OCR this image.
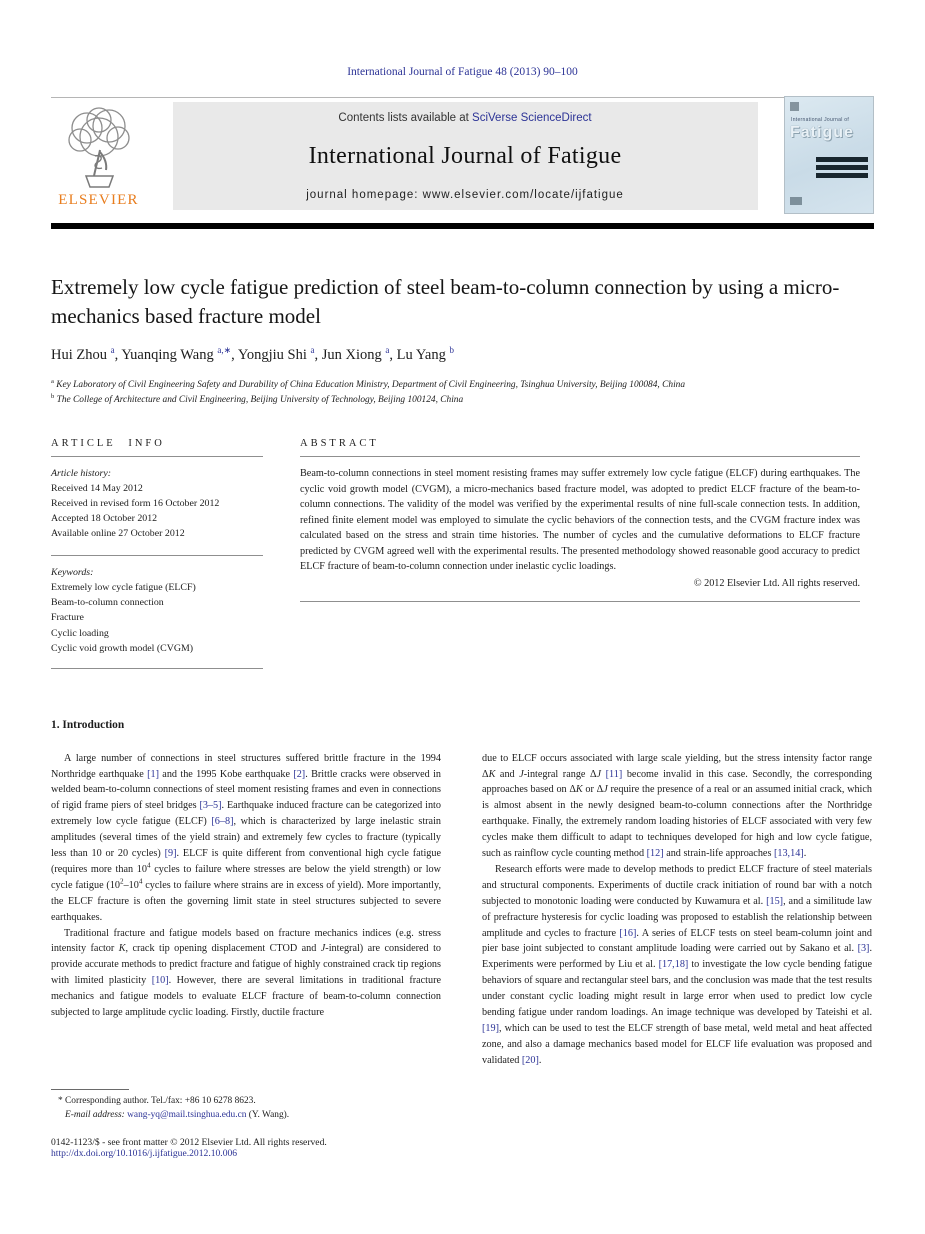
International Journal of Fatigue 48 (2013) 90–100
ELSEVIER
Contents lists available at SciVerse ScienceDirect
International Journal of Fatigue
journal homepage: www.elsevier.com/locate/ijfatigue
International Journal of
Fatigue
Extremely low cycle fatigue prediction of steel beam-to-column connection by using a micro-mechanics based fracture model
Hui Zhou $^a$, Yuanqing Wang $^{a,∗}$, Yongjiu Shi $^a$, Jun Xiong $^a$, Lu Yang $^b$
$^a$ Key Laboratory of Civil Engineering Safety and Durability of China Education Ministry, Department of Civil Engineering, Tsinghua University, Beijing 100084, China
$^b$ The College of Architecture and Civil Engineering, Beijing University of Technology, Beijing 100124, China
ARTICLE INFO
Article history:
Received 14 May 2012
Received in revised form 16 October 2012
Accepted 18 October 2012
Available online 27 October 2012
Keywords:
Extremely low cycle fatigue (ELCF)
Beam-to-column connection
Fracture
Cyclic loading
Cyclic void growth model (CVGM)
ABSTRACT
Beam-to-column connections in steel moment resisting frames may suffer extremely low cycle fatigue (ELCF) during earthquakes. The cyclic void growth model (CVGM), a micro-mechanics based fracture model, was adopted to predict ELCF fracture of the beam-to-column connections. The validity of the model was verified by the experimental results of nine full-scale connection tests. In addition, refined finite element model was employed to simulate the cyclic behaviors of the connection tests, and the CVGM fracture index was calculated based on the stress and strain time histories. The number of cycles and the cumulative deformations to ELCF fracture predicted by CVGM agreed well with the experimental results. The presented methodology showed reasonable good accuracy to predict ELCF fracture of beam-to-column connection under inelastic cyclic loadings.
© 2012 Elsevier Ltd. All rights reserved.
1. Introduction

A large number of connections in steel structures suffered brittle fracture in the 1994 Northridge earthquake [1] and the 1995 Kobe earthquake [2]. Brittle cracks were observed in welded beam-to-column connections of steel moment resisting frames and even in connections of rigid frame piers of steel bridges [3–5]. Earthquake induced fracture can be categorized into extremely low cycle fatigue (ELCF) [6–8], which is characterized by large inelastic strain amplitudes (several times of the yield strain) and extremely few cycles to fracture (typically less than 10 or 20 cycles) [9]. ELCF is quite different from conventional high cycle fatigue (requires more than $10^4$ cycles to failure where stresses are below the yield strength) or low cycle fatigue ($10^2-10^4$ cycles to failure where strains are in excess of yield). More importantly, the ELCF fracture is often the governing limit state in steel structures subjected to severe earthquakes.

Traditional fracture and fatigue models based on fracture mechanics indices (e.g. stress intensity factor K, crack tip opening displacement CTOD and J-integral) are considered to provide accurate methods to predict fracture and fatigue of highly constrained crack tip regions with limited plasticity [10]. However, there are several limitations in traditional fracture mechanics and fatigue models to evaluate ELCF fracture of beam-to-column connection subjected to large amplitude cyclic loading. Firstly, ductile fracture

due to ELCF occurs associated with large scale yielding, but the stress intensity factor range ΔK and J-integral range ΔJ [11] become invalid in this case. Secondly, the corresponding approaches based on ΔK or ΔJ require the presence of a real or an assumed initial crack, which is almost absent in the newly designed beam-to-column connections after the Northridge earthquake. Finally, the extremely random loading histories of ELCF associated with very few cycles make them difficult to adapt to techniques developed for high and low cycle fatigue, such as rainflow cycle counting method [12] and strain-life approaches [13,14].

Research efforts were made to develop methods to predict ELCF fracture of steel materials and structural components. Experiments of ductile crack initiation of round bar with a notch subjected to monotonic loading were conducted by Kuwamura et al. [15], and a similitude law of prefracture hysteresis for cyclic loading was proposed to establish the relationship between amplitude and cycles to fracture [16]. A series of ELCF tests on steel beam-column joint and pier base joint subjected to constant amplitude loading were carried out by Sakano et al. [3]. Experiments were performed by Liu et al. [17,18] to investigate the low cycle bending fatigue behaviors of square and rectangular steel bars, and the conclusion was made that the test results under constant cyclic loading might result in large error when used to predict low cycle bending fatigue under random loadings. An image technique was developed by Tateishi et al. [19], which can be used to test the ELCF strength of base metal, weld metal and heat affected zone, and also a damage mechanics based model for ELCF life evaluation was proposed and validated [20].

* Corresponding author. Tel./fax: +86 10 6278 8623.
E-mail address: wang-yq@mail.tsinghua.edu.cn (Y. Wang).
0142-1123/$ - see front matter © 2012 Elsevier Ltd. All rights reserved.
http://dx.doi.org/10.1016/j.ijfatigue.2012.10.006
